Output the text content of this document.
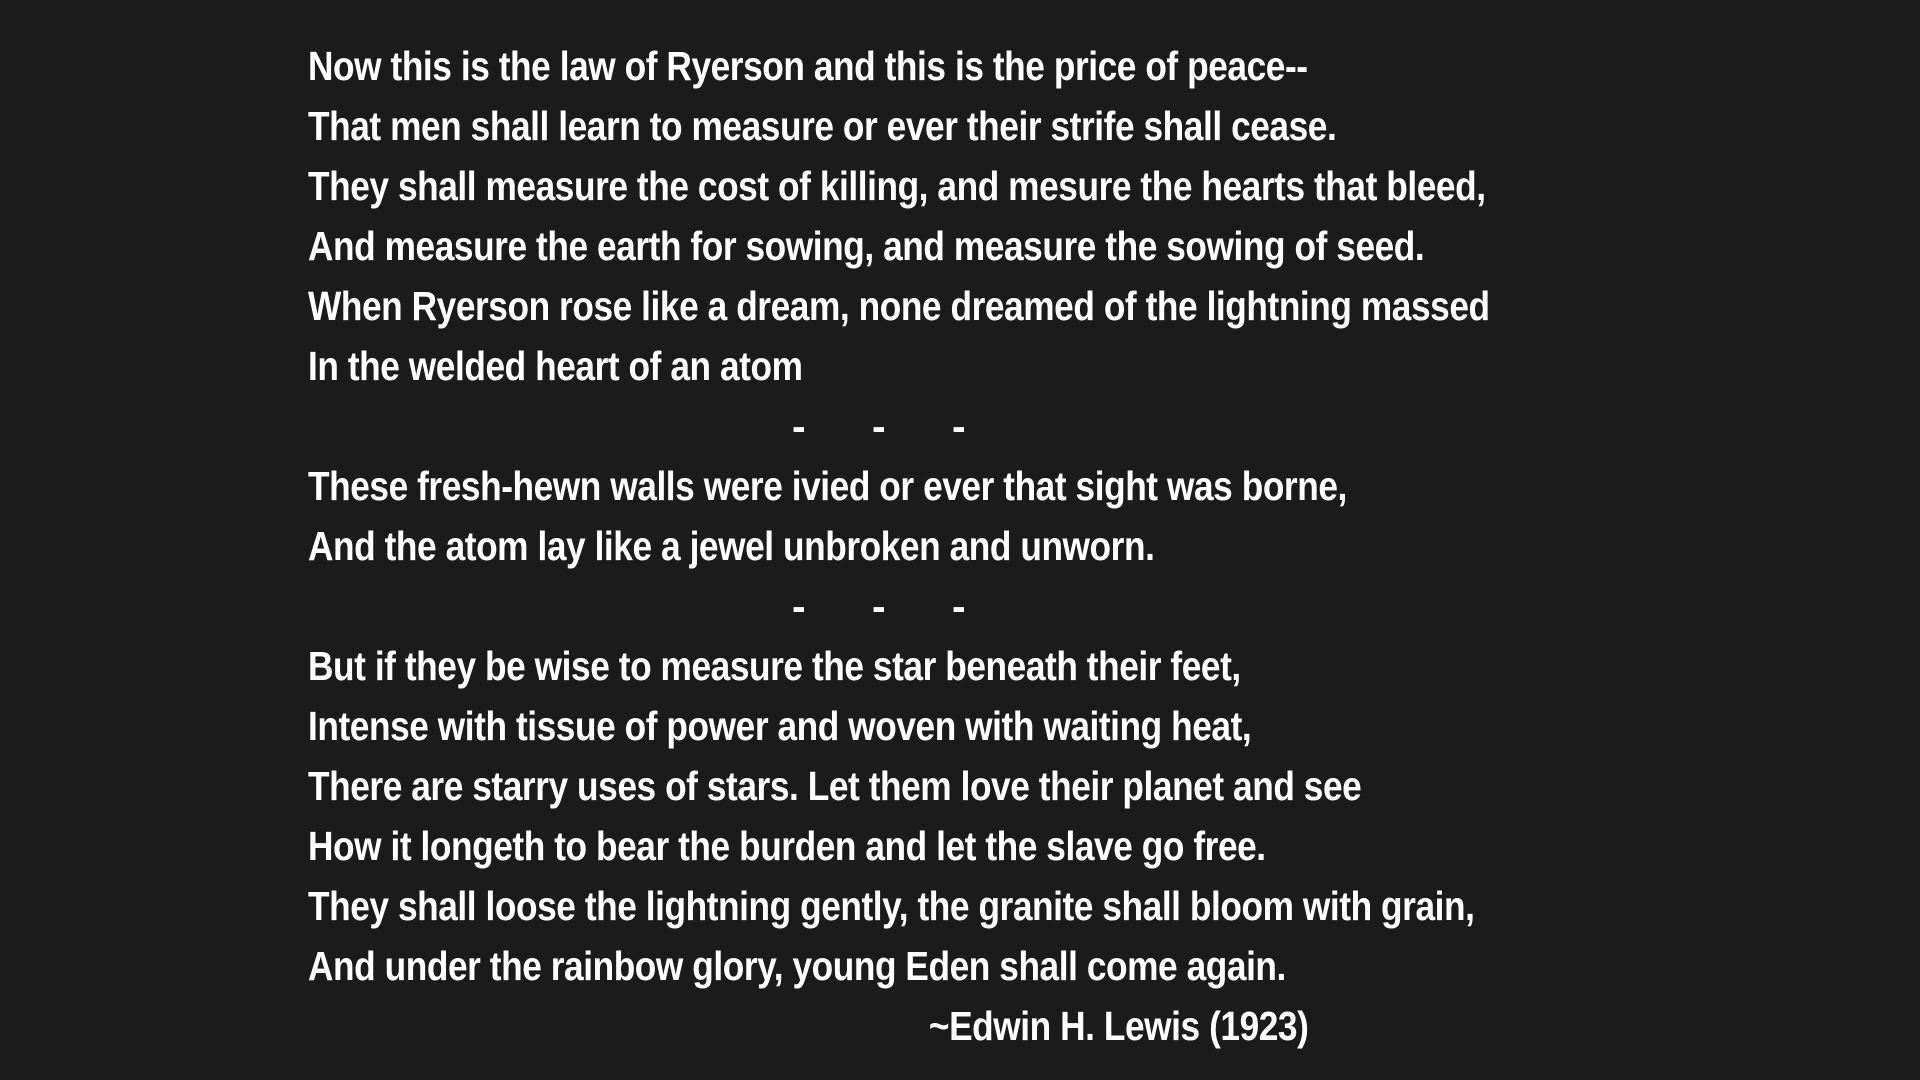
Now this is the law of Ryerson and this is the price of peace--
That men shall learn to measure or ever their strife shall cease.
They shall measure the cost of killing, and mesure the hearts that bleed,
And measure the earth for sowing, and measure the sowing of seed.
When Ryerson rose like a dream, none dreamed of the lightning massed
In the welded heart of an atom
- - -
These fresh-hewn walls were ivied or ever that sight was borne,
And the atom lay like a jewel unbroken and unworn.
- - -
But if they be wise to measure the star beneath their feet,
Intense with tissue of power and woven with waiting heat,
There are starry uses of stars. Let them love their planet and see
How it longeth to bear the burden and let the slave go free.
They shall loose the lightning gently, the granite shall bloom with grain,
And under the rainbow glory, young Eden shall come again.
~Edwin H. Lewis (1923)
